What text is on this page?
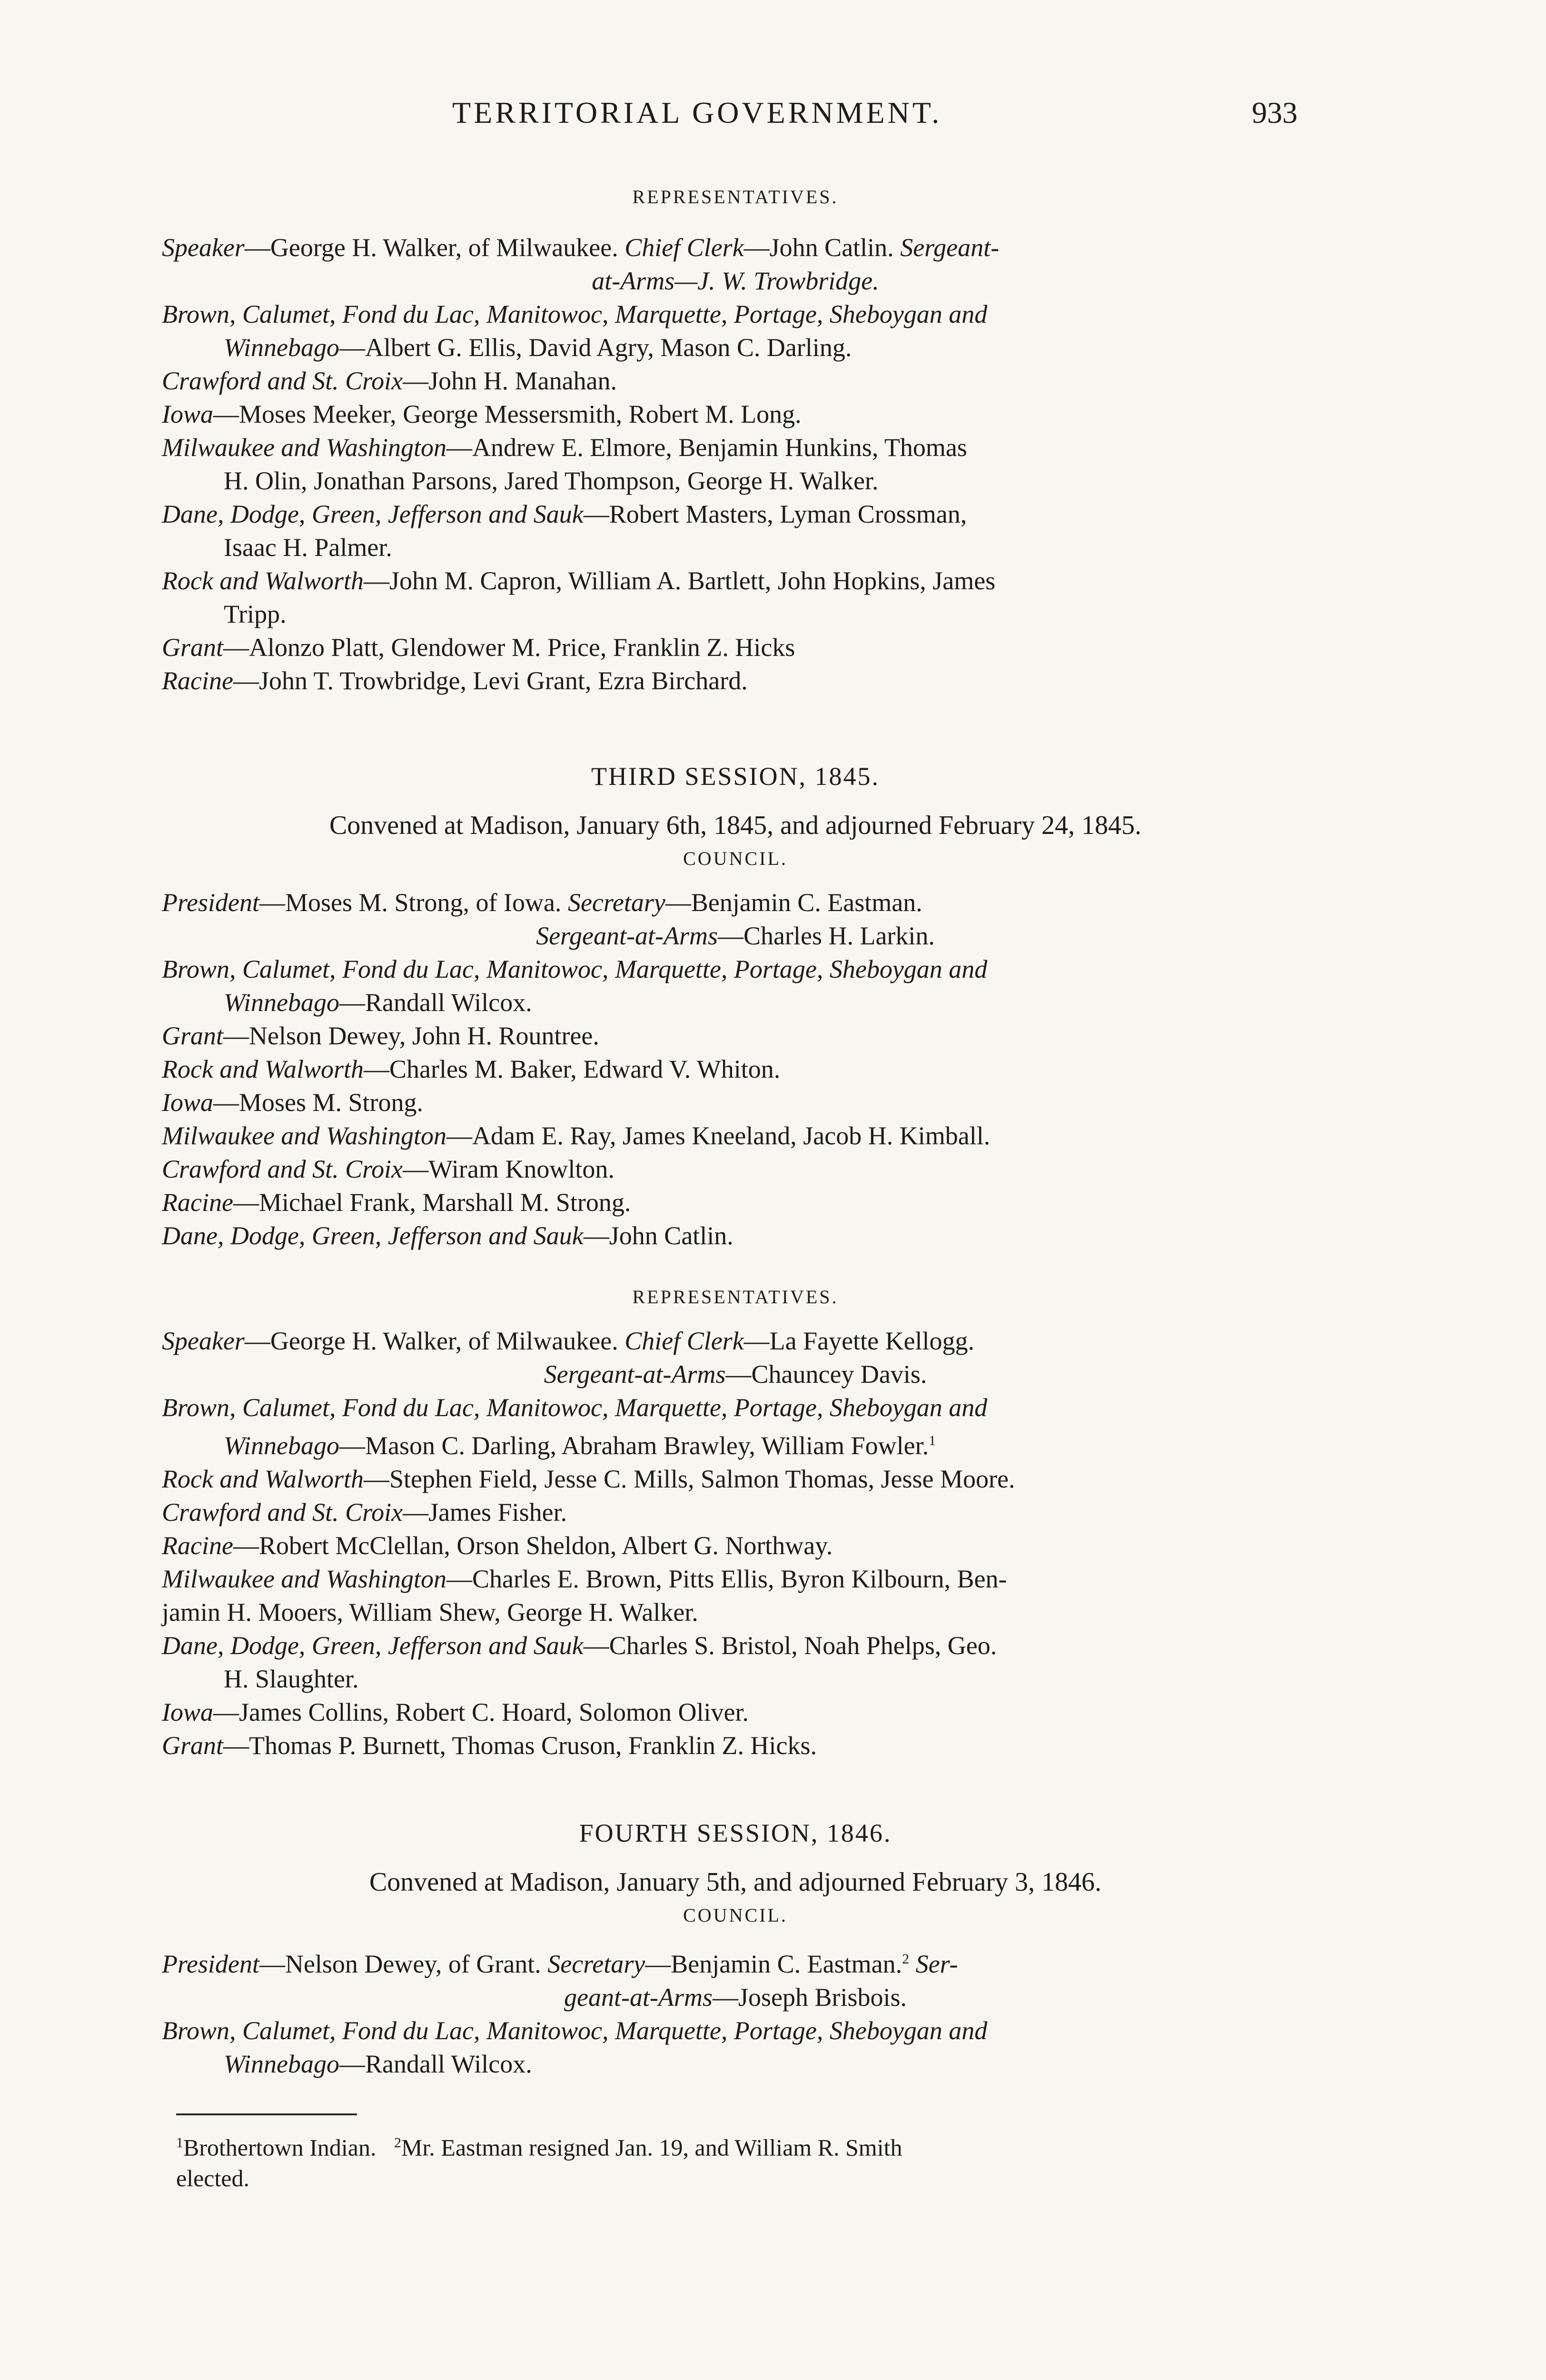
TERRITORIAL GOVERNMENT.	933

REPRESENTATIVES.

Speaker—George H. Walker, of Milwaukee. Chief Clerk—John Catlin. Sergeant-

at-Arms—J. W. Trowbridge.

Brown, Calumet, Fond du Lac, Manitowoc, Marquette, Portage, Sheboygan and

Winnebago—Albert G. Ellis, David Agry, Mason C. Darling.

Crawford and St. Croix—John H. Manahan.

Iowa—Moses Meeker, George Messersmith, Robert M. Long.

Milwaukee and Washington—Andrew E. Elmore, Benjamin Hunkins, Thomas

H. Olin, Jonathan Parsons, Jared Thompson, George H. Walker.

Dane, Dodge, Green, Jefferson and Sauk—Robert Masters, Lyman Crossman,

Isaac H. Palmer.

Rock and Walworth—John M. Capron, William A. Bartlett, John Hopkins, James

Tripp.

Grant—Alonzo Platt, Glendower M. Price, Franklin Z. Hicks

Racine—John T. Trowbridge, Levi Grant, Ezra Birchard.

THIRD SESSION, 1845.

Convened at Madison, January 6th, 1845, and adjourned February 24, 1845.

COUNCIL.

President—Moses M. Strong, of Iowa. Secretary—Benjamin C. Eastman.

Sergeant-at-Arms—Charles H. Larkin.

Brown, Calumet, Fond du Lac, Manitowoc, Marquette, Portage, Sheboygan and

Winnebago—Randall Wilcox.

Grant—Nelson Dewey, John H. Rountree.

Rock and Walworth—Charles M. Baker, Edward V. Whiton.

Iowa—Moses M. Strong.

Milwaukee and Washington—Adam E. Ray, James Kneeland, Jacob H. Kimball.

Crawford and St. Croix—Wiram Knowlton.

Racine—Michael Frank, Marshall M. Strong.

Dane, Dodge, Green, Jefferson and Sauk—John Catlin.

REPRESENTATIVES.

Speaker—George H. Walker, of Milwaukee. Chief Clerk—La Fayette Kellogg.

Sergeant-at-Arms—Chauncey Davis.

Brown, Calumet, Fond du Lac, Manitowoc, Marquette, Portage, Sheboygan and

Winnebago—Mason C. Darling, Abraham Brawley, William Fowler.$^1$

Rock and Walworth—Stephen Field, Jesse C. Mills, Salmon Thomas, Jesse Moore.

Crawford and St. Croix—James Fisher.

Racine—Robert McClellan, Orson Sheldon, Albert G. Northway.

Milwaukee and Washington—Charles E. Brown, Pitts Ellis, Byron Kilbourn, Ben-

jamin H. Mooers, William Shew, George H. Walker.

Dane, Dodge, Green, Jefferson and Sauk—Charles S. Bristol, Noah Phelps, Geo.

H. Slaughter.

Iowa—James Collins, Robert C. Hoard, Solomon Oliver.

Grant—Thomas P. Burnett, Thomas Cruson, Franklin Z. Hicks.

FOURTH SESSION, 1846.

Convened at Madison, January 5th, and adjourned February 3, 1846.

COUNCIL.

President—Nelson Dewey, of Grant. Secretary—Benjamin C. Eastman.$^2$ Ser-

geant-at-Arms—Joseph Brisbois.

Brown, Calumet, Fond du Lac, Manitowoc, Marquette, Portage, Sheboygan and

Winnebago—Randall Wilcox.

$^1$Brothertown Indian. $^2$Mr. Eastman resigned Jan. 19, and William R. Smith
elected.
